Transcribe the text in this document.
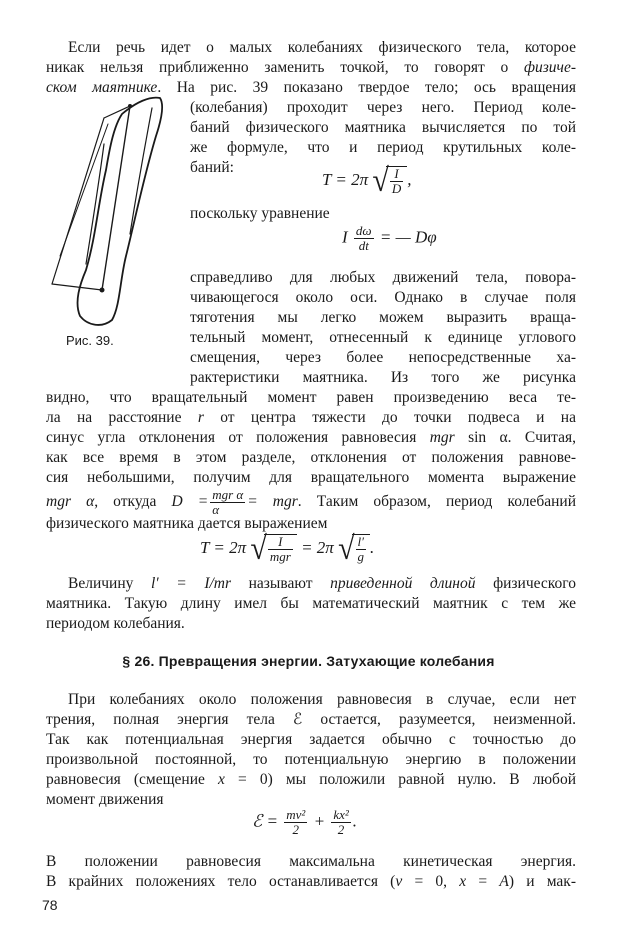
Рис. 39.
Если речь идет о малых колебаниях физического тела, которое
никак нельзя приближенно заменить точкой, то говорят о физиче-
ском маятнике. На рис. 39 показано твердое тело; ось вращения
(колебания) проходит через него. Период коле-
баний физического маятника вычисляется по той
же формуле, что и период крутильных коле-
баний:
T = 2π √ $\frac{I}{D}$ ,
поскольку уравнение
I $\frac{d\omega}{dt}$ = — Dφ
справедливо для любых движений тела, повора-
чивающегося около оси. Однако в случае поля
тяготения мы легко можем выразить враща-
тельный момент, отнесенный к единице углового
смещения, через более непосредственные ха-
рактеристики маятника. Из того же рисунка
видно, что вращательный момент равен произведению веса те-
ла на расстояние r от центра тяжести до точки подвеса и на
синус угла отклонения от положения равновесия mgr sin α. Считая,
как все время в этом разделе, отклонения от положения равнове-
сия небольшими, получим для вращательного момента выражение
mgr α, откуда $D = \frac{\text{mgr α}}{\alpha}$ = mgr. Таким образом, период колебаний
физического маятника дается выражением
T = 2π √ $\frac{I}{\text{mgr}} = 2\pi$ √ $\frac{l'}{g}$ .
Величину l′ = I/mr называют приведенной длиной физического
маятника. Такую длину имел бы математический маятник с тем же
периодом колебания.
§ 26. Превращения энергии. Затухающие колебания
При колебаниях около положения равновесия в случае, если нет
трения, полная энергия тела ℰ остается, разумеется, неизменной.
Так как потенциальная энергия задается обычно с точностью до
произвольной постоянной, то потенциальную энергию в положении
равновесия (смещение x = 0) мы положили равной нулю. В любой
момент движения
ℰ = $\frac{\text{mv²}}{2} + \frac{\text{kx²}}{2}$ .
В положении равновесия максимальна кинетическая энергия.
В крайних положениях тело останавливается (v = 0, x = A) и мак-
78
